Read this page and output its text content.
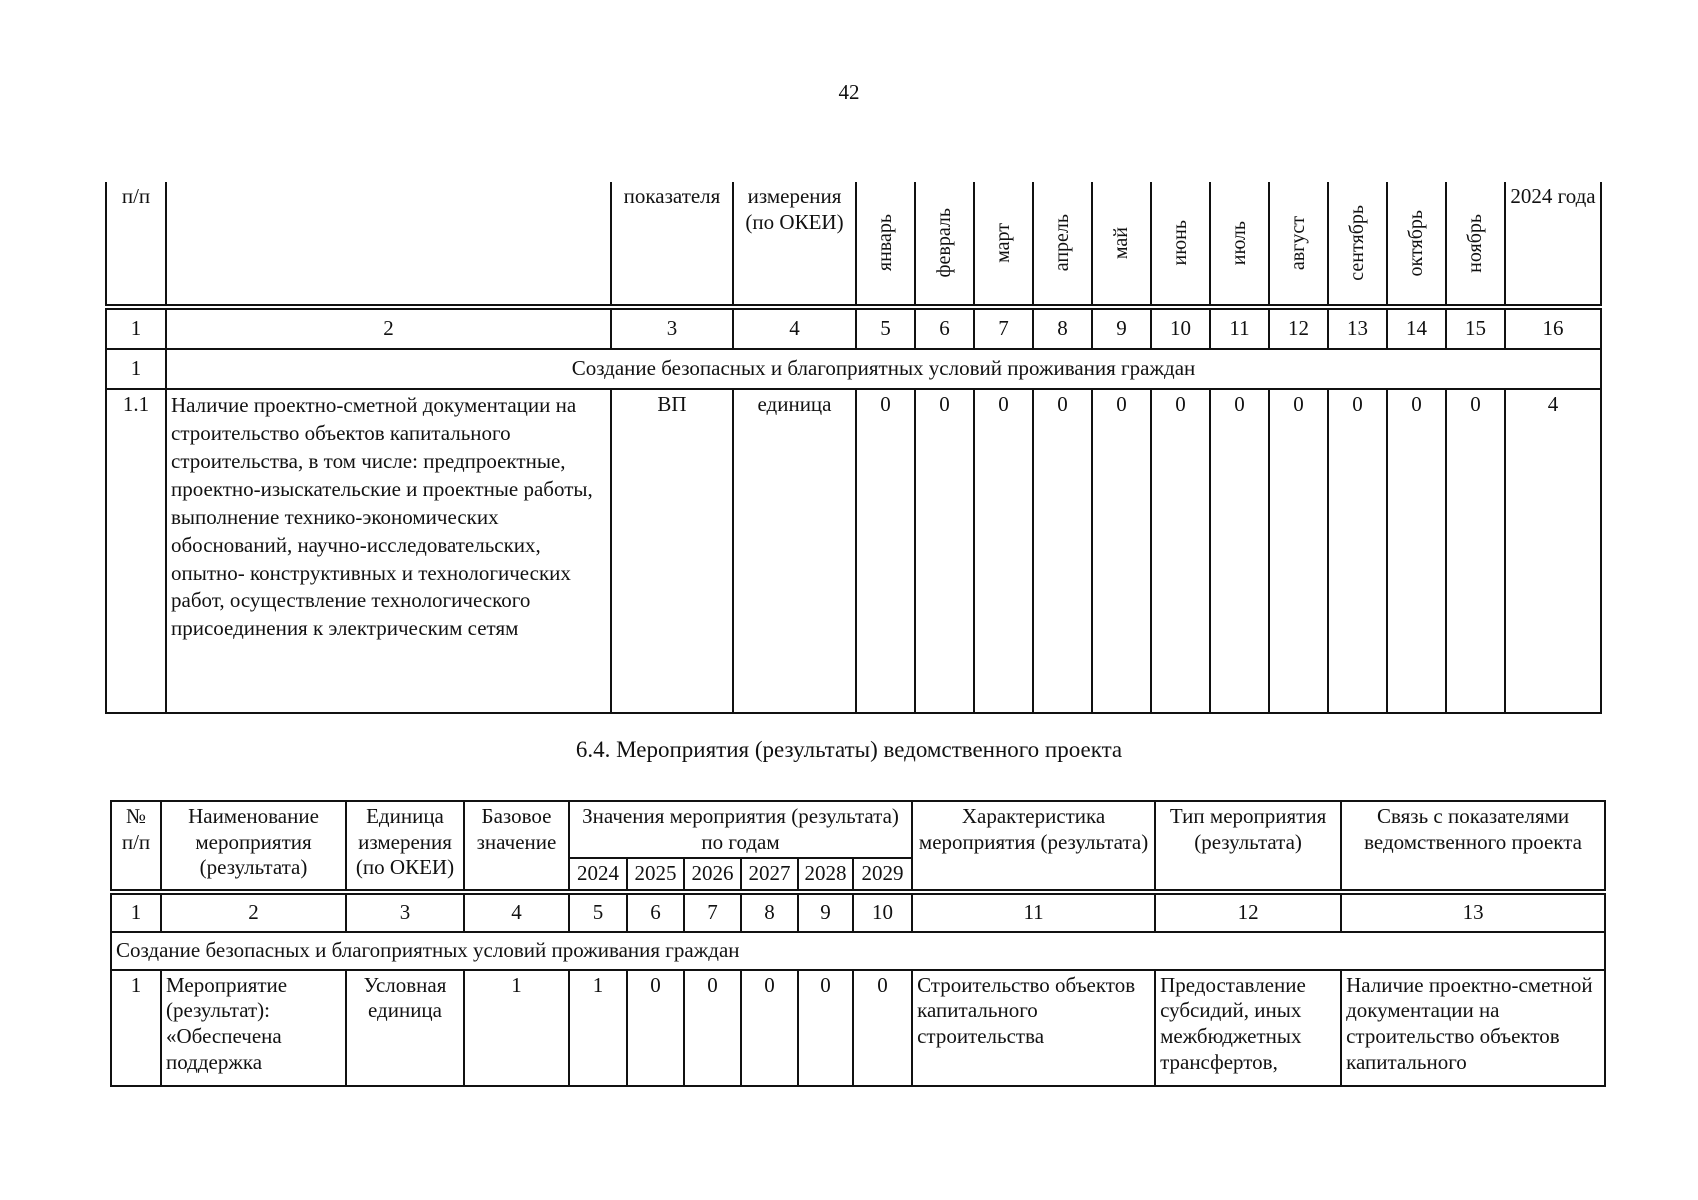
42
п/п		показателя	измерения (по ОКЕИ)	январь	февраль	март	апрель	май	июнь	июль	август	сентябрь	октябрь	ноябрь	2024 года

1	2	3	4	5	6	7	8	9	10	11	12	13	14	15	16
1	Создание безопасных и благоприятных условий проживания граждан														
1.1	Наличие проектно-сметной документации на строительство объектов капитального строительства, в том числе: предпроектные, проектно-изыскательские и проектные работы, выполнение технико-экономических обоснований, научно-исследовательских, опытно- конструктивных и технологических работ, осуществление технологического присоединения к электрическим сетям	ВП	единица	0	0	0	0	0	0	0	0	0	0	0	4
6.4. Мероприятия (результаты) ведомственного проекта
№ п/п	Наименование мероприятия (результата)	Единица измерения (по ОКЕИ)	Базовое значение	Значения мероприятия (результата) по годам						Характеристика мероприятия (результата)	Тип мероприятия (результата)	Связь с показателями ведомственного проекта
				2024	2025	2026	2027	2028	2029			

1	2	3	4	5	6	7	8	9	10	11	12	13
Создание безопасных и благоприятных условий проживания граждан												
1	Мероприятие (результат): «Обеспечена поддержка	Условная единица	1	1	0	0	0	0	0	Строительство объектов капитального строительства	Предоставление субсидий, иных межбюджетных трансфертов,	Наличие проектно-сметной документации на строительство объектов капитального
